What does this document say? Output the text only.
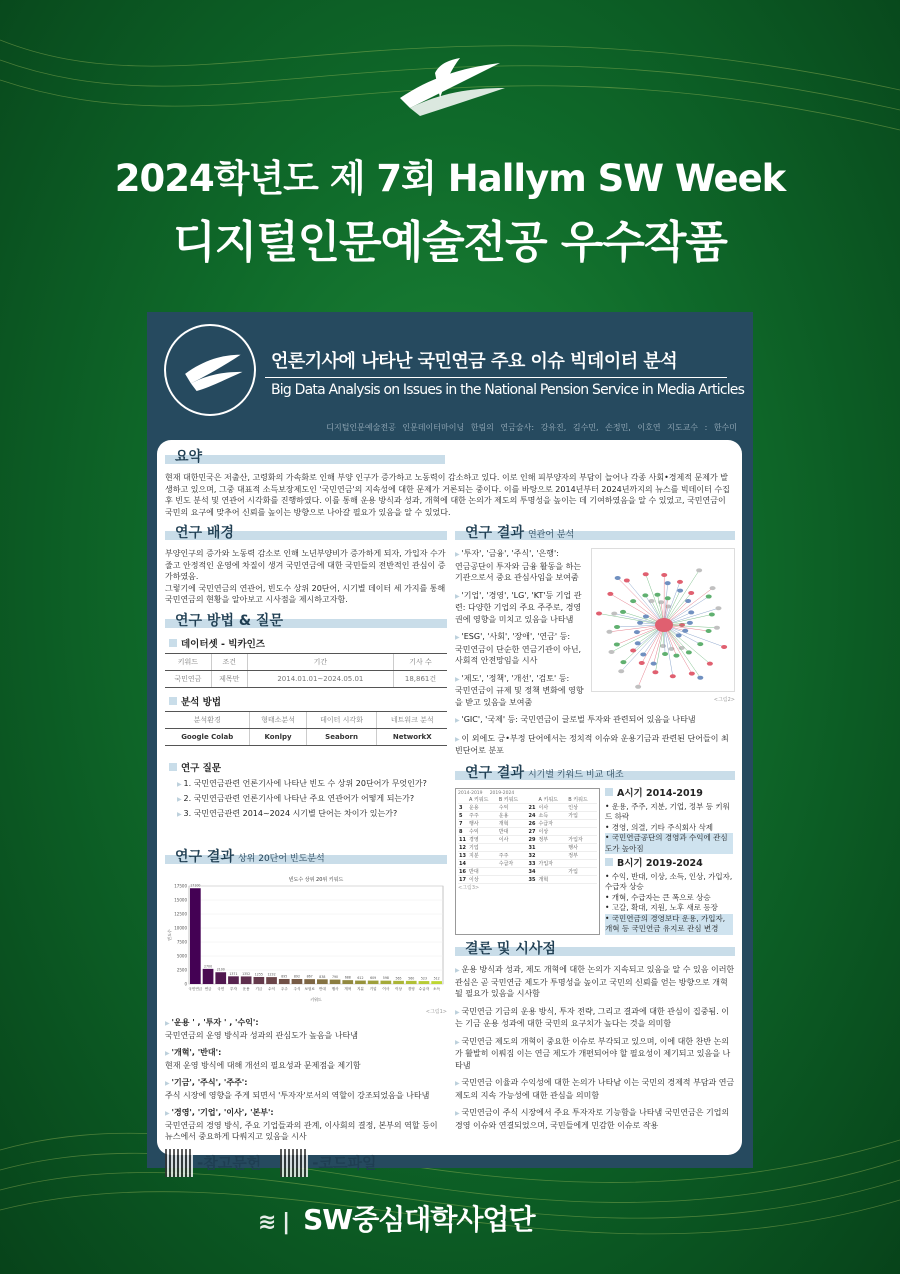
2024학년도 제 7회 Hallym SW Week
디지털인문예술전공 우수작품
언론기사에 나타난 국민연금 주요 이슈 빅데이터 분석
Big Data Analysis on Issues in the National Pension Service in Media Articles
디지털인문예술전공 인문데이터마이닝 한림의 연금술사: 강유진, 김수민, 손정민, 이호연 지도교수 : 한수미
요약
현재 대한민국은 저출산, 고령화의 가속화로 인해 부양 인구가 증가하고 노동력이 감소하고 있다. 이로 인해 피부양자의 부담이 늘어나 각종 사회•경제적 문제가 발생하고 있으며, 그중 대표적 소득보장제도인 '국민연금'의 지속성에 대한 문제가 거론되는 중이다. 이를 바탕으로 2014년부터 2024년까지의 뉴스를 빅데이터 수집 후 빈도 분석 및 연관어 시각화를 진행하였다. 이를 통해 운용 방식과 성과, 개혁에 대한 논의가 제도의 투명성을 높이는 데 기여하였음을 알 수 있었고, 국민연금이 국민의 요구에 맞추어 신뢰를 높이는 방향으로 나아갈 필요가 있음을 알 수 있었다.
연구 배경
부양인구의 증가와 노동력 감소로 인해 노년부양비가 증가하게 되자, 가입자 수가 줄고 안정적인 운영에 차질이 생겨 국민연금에 대한 국민들의 전반적인 관심이 증가하였음.
그렇기에 국민연금의 연관어, 빈도수 상위 20단어, 시기별 데이터 세 가지를 통해 국민연금의 현황을 알아보고 시사점을 제시하고자함.
연구 방법 & 질문
데이터셋 - 빅카인즈
키워드	조건	기간	기사 수
국민연금	제목만	2014.01.01~2024.05.01	18,861건
분석 방법
분석환경	형태소분석	데이터 시각화	네트워크 분석
Google Colab	Konlpy	Seaborn	NetworkX
연구 질문
▶ 1. 국민연금관련 언론기사에 나타난 빈도 수 상위 20단어가 무엇인가?
▶ 2. 국민연금관련 언론기사에 나타난 주요 연관어가 어떻게 되는가?
▶ 3. 국민연금관련 2014~2024 시기별 단어는 차이가 있는가?
연구 결과 상위 20단어 빈도분석
빈도수 상위 20위 키워드
0
2500
5000
7500
10000
12500
15000
17500
빈도수
키워드
17100
국민연금
2700
연금
2100
국민
1371
투자
1352
운용
1255
기금
1232
수익
895
주주
892
주식
867
보험료
838
반대
790
행사
688
개혁
612
지분
609
기업
598
이사
565
이상
560
경영
523
수급자
512
소득
<그림1>
▶ '운용 ' , '투자 ' , '수익':
국민연금의 운영 방식과 성과의 관심도가 높음을 나타냄
▶ '개혁', '반대':
현재 운영 방식에 대해 개선의 필요성과 문제점을 제기함
▶ '기금', '주식', '주주':
주식 시장에 영향을 주게 되면서 '투자자'로서의 역할이 강조되었음을 나타냄
▶ '경영', '기업', '이사', '본부':
국민연금의 경영 방식, 주요 기업들과의 관계, 이사회의 결정, 본부의 역할 등이 뉴스에서 중요하게 다뤄지고 있음을 시사
-참고문헌	-코드파일
연구 결과 연관어 분석
▶ '투자', '금융', '주식', '은행':
연금공단이 투자와 금융 활동을 하는 기관으로서 중요 관심사임을 보여줌
▶ '기업', '경영', 'LG', 'KT'등 기업 관련: 다양한 기업의 주요 주주로, 경영권에 영향을 미치고 있음을 나타냄
▶ 'ESG', '사회', '장애', '연금' 등:
국민연금이 단순한 연금기관이 아닌, 사회적 안전망임을 시사
▶ '제도', '정책', '개선', '검토' 등:
국민연금이 규제 및 정책 변화에 영향을 받고 있음을 보여줌	<그림2>
▶ 'GIC', '국제' 등: 국민연금이 글로벌 투자와 관련되어 있음을 나타냄
▶ 이 외에도 긍•부정 단어에서는 정치적 이슈와 운용기금과 관련된 단어들이 최빈단어로 분포
연구 결과 시기별 키워드 비교 대조
2014-2019 2019-2024
	A 키워드	B 키워드		A 키워드	B 키워드
3	운용	수익	21	이사	인상
5	주주	운용	24	소득	가입
7	행사	개혁	26	수급자	
8	수익	반대	27	이상	
11	경영	이사	29	정부	가입자
12	기업		31		행사
13	지분	주주	32		정부
14		수급자	33	가입자	
16	반대		34		가입
17	이상		35	개혁	
<그림3>
A시기 2014-2019
• 운용, 주주, 지분, 기업, 정부 등 키워드 하락
• 경영, 의결, 기타 주식회사 삭제
• 국민연금공단의 경영과 수익에 관심도가 높아짐
B시기 2019-2024
• 수익, 반대, 이상, 소득, 인상, 가입자, 수급자 상승
• 개혁, 수급자는 큰 폭으로 상승
• 고갈, 확대, 지원, 노후 새로 등장
• 국민연금의 경영보다 운용, 가입자, 개혁 등 국민연금 유지로 관심 변경
결론 및 시사점
▶ 운용 방식과 성과, 제도 개혁에 대한 논의가 지속되고 있음을 알 수 있음 이러한 관심은 곧 국민연금 제도가 투명성을 높이고 국민의 신뢰를 얻는 방향으로 개혁될 필요가 있음을 시사함
▶ 국민연금 기금의 운용 방식, 투자 전략, 그리고 결과에 대한 관심이 집중됨. 이는 기금 운용 성과에 대한 국민의 요구치가 높다는 것을 의미함
▶ 국민연금 제도의 개혁이 중요한 이슈로 부각되고 있으며, 이에 대한 찬반 논의가 활발히 이뤄짐 이는 연금 제도가 개편되어야 할 필요성이 제기되고 있음을 나타냄
▶ 국민연금 이율과 수익성에 대한 논의가 나타남 이는 국민의 경제적 부담과 연금 제도의 지속 가능성에 대한 관심을 의미함
▶ 국민연금이 주식 시장에서 주요 투자자로 기능함을 나타냄 국민연금은 기업의 경영 이슈와 연결되었으며, 국민들에게 민감한 이슈로 작용
≋ | SW중심대학사업단
